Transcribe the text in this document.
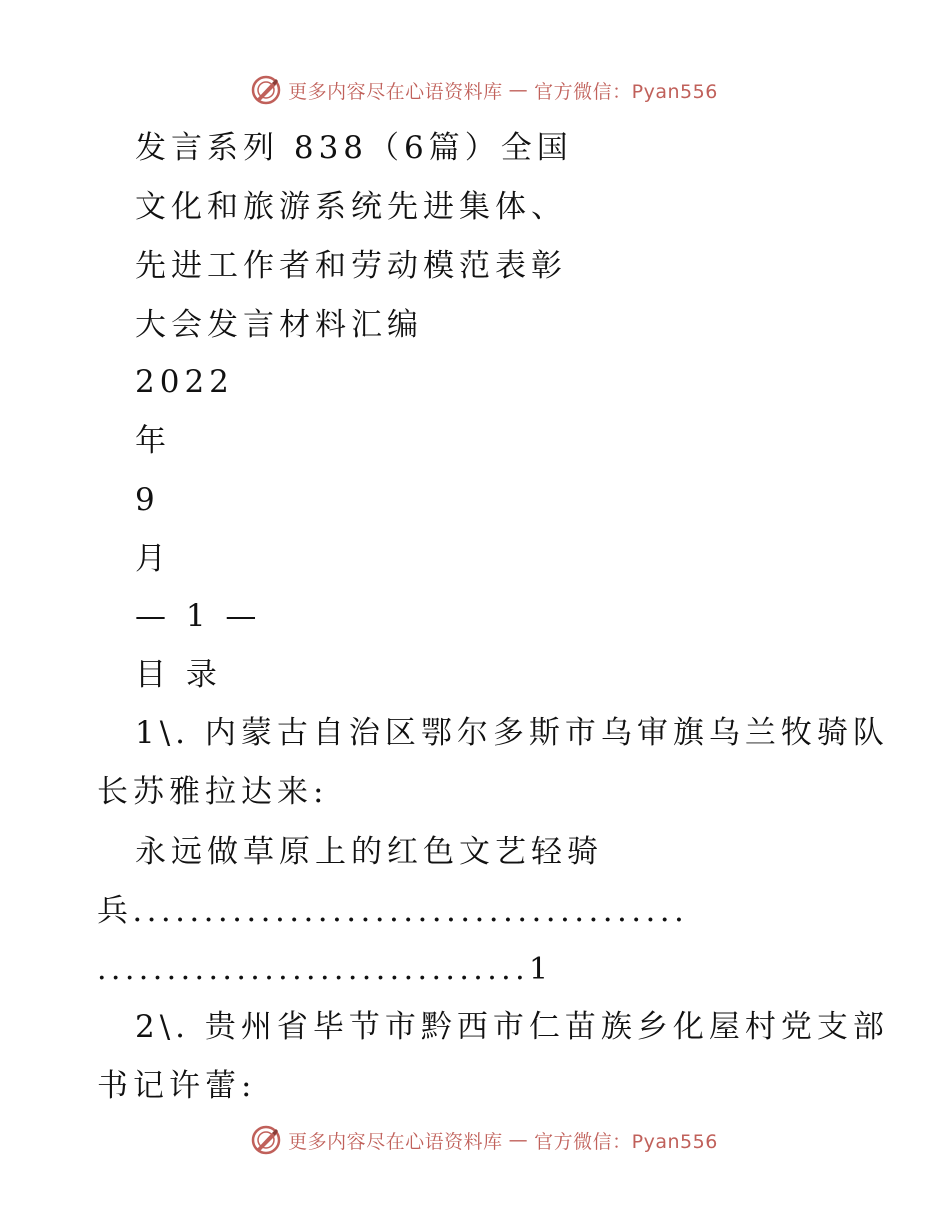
更多内容尽在心语资料库 — 官方微信：Pyan556
发言系列 838（6篇）全国
文化和旅游系统先进集体、
先进工作者和劳动模范表彰
大会发言材料汇编
2022
年
9
月
— 1 —
目 录
1\. 内蒙古自治区鄂尔多斯市乌审旗乌兰牧骑队
长苏雅拉达来:
永远做草原上的红色文艺轻骑
兵.......................................
...............................1
2\. 贵州省毕节市黔西市仁苗族乡化屋村党支部
书记许蕾:
更多内容尽在心语资料库 — 官方微信：Pyan556
